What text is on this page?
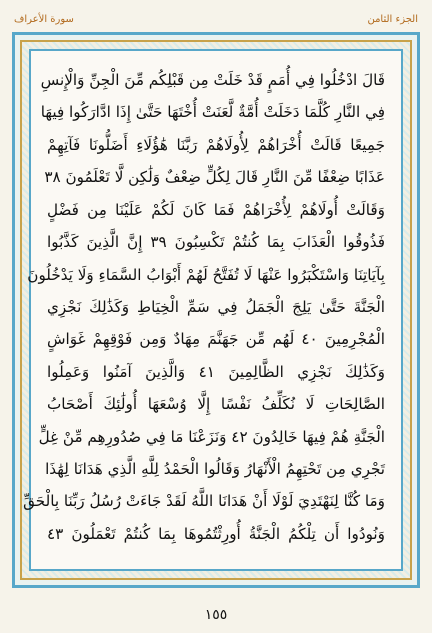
سورة الأعراف	الجزء الثامن
قَالَ ادْخُلُوا فِي أُمَمٍ قَدْ خَلَتْ مِن قَبْلِكُم مِّنَ الْجِنِّ وَالْإِنسِ
فِي النَّارِ كُلَّمَا دَخَلَتْ أُمَّةٌ لَّعَنَتْ أُخْتَهَا حَتَّىٰ إِذَا ادَّارَكُوا فِيهَا
جَمِيعًا قَالَتْ أُخْرَاهُمْ لِأُولَاهُمْ رَبَّنَا هَٰؤُلَاءِ أَضَلُّونَا فَآتِهِمْ
عَذَابًا ضِعْفًا مِّنَ النَّارِ قَالَ لِكُلٍّ ضِعْفٌ وَلَٰكِن لَّا تَعْلَمُونَ ٣٨
وَقَالَتْ أُولَاهُمْ لِأُخْرَاهُمْ فَمَا كَانَ لَكُمْ عَلَيْنَا مِن فَضْلٍ
فَذُوقُوا الْعَذَابَ بِمَا كُنتُمْ تَكْسِبُونَ ٣٩ إِنَّ الَّذِينَ كَذَّبُوا
بِآيَاتِنَا وَاسْتَكْبَرُوا عَنْهَا لَا تُفَتَّحُ لَهُمْ أَبْوَابُ السَّمَاءِ وَلَا يَدْخُلُونَ
الْجَنَّةَ حَتَّىٰ يَلِجَ الْجَمَلُ فِي سَمِّ الْخِيَاطِ وَكَذَٰلِكَ نَجْزِي
الْمُجْرِمِينَ ٤٠ لَهُم مِّن جَهَنَّمَ مِهَادٌ وَمِن فَوْقِهِمْ غَوَاشٍ
وَكَذَٰلِكَ نَجْزِي الظَّالِمِينَ ٤١ وَالَّذِينَ آمَنُوا وَعَمِلُوا
الصَّالِحَاتِ لَا نُكَلِّفُ نَفْسًا إِلَّا وُسْعَهَا أُولَٰئِكَ أَصْحَابُ
الْجَنَّةِ هُمْ فِيهَا خَالِدُونَ ٤٢ وَنَزَعْنَا مَا فِي صُدُورِهِم مِّنْ غِلٍّ
تَجْرِي مِن تَحْتِهِمُ الْأَنْهَارُ وَقَالُوا الْحَمْدُ لِلَّهِ الَّذِي هَدَانَا لِهَٰذَا
وَمَا كُنَّا لِنَهْتَدِيَ لَوْلَا أَنْ هَدَانَا اللَّهُ لَقَدْ جَاءَتْ رُسُلُ رَبِّنَا بِالْحَقِّ
وَنُودُوا أَن تِلْكُمُ الْجَنَّةُ أُورِثْتُمُوهَا بِمَا كُنتُمْ تَعْمَلُونَ ٤٣
١٥٥
